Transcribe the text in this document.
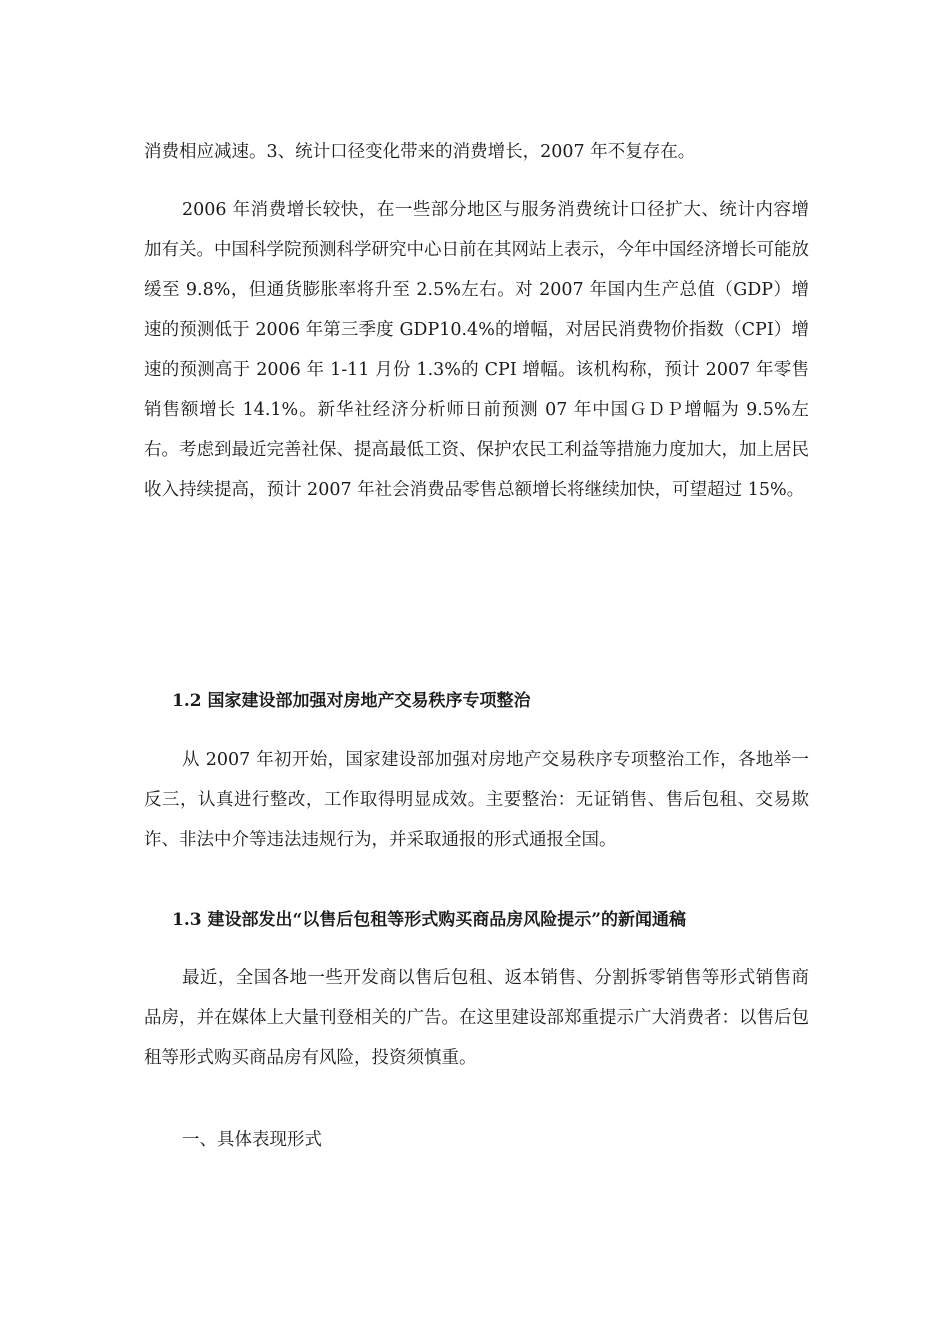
消费相应减速。3、统计口径变化带来的消费增长，2007 年不复存在。

2006 年消费增长较快，在一些部分地区与服务消费统计口径扩大、统计内容增加有关。中国科学院预测科学研究中心日前在其网站上表示，今年中国经济增长可能放缓至 9.8%，但通货膨胀率将升至 2.5%左右。对 2007 年国内生产总值（GDP）增速的预测低于 2006 年第三季度 GDP10.4%的增幅，对居民消费物价指数（CPI）增速的预测高于 2006 年 1-11 月份 1.3%的 CPI 增幅。该机构称，预计 2007 年零售销售额增长 14.1%。新华社经济分析师日前预测 07 年中国ＧＤＰ增幅为 9.5%左右。考虑到最近完善社保、提高最低工资、保护农民工利益等措施力度加大，加上居民收入持续提高，预计 2007 年社会消费品零售总额增长将继续加快，可望超过 15%。

1.2 国家建设部加强对房地产交易秩序专项整治

从 2007 年初开始，国家建设部加强对房地产交易秩序专项整治工作，各地举一反三，认真进行整改，工作取得明显成效。主要整治：无证销售、售后包租、交易欺诈、非法中介等违法违规行为，并采取通报的形式通报全国。

1.3 建设部发出“以售后包租等形式购买商品房风险提示”的新闻通稿

最近，全国各地一些开发商以售后包租、返本销售、分割拆零销售等形式销售商品房，并在媒体上大量刊登相关的广告。在这里建设部郑重提示广大消费者：以售后包租等形式购买商品房有风险，投资须慎重。

一、具体表现形式
